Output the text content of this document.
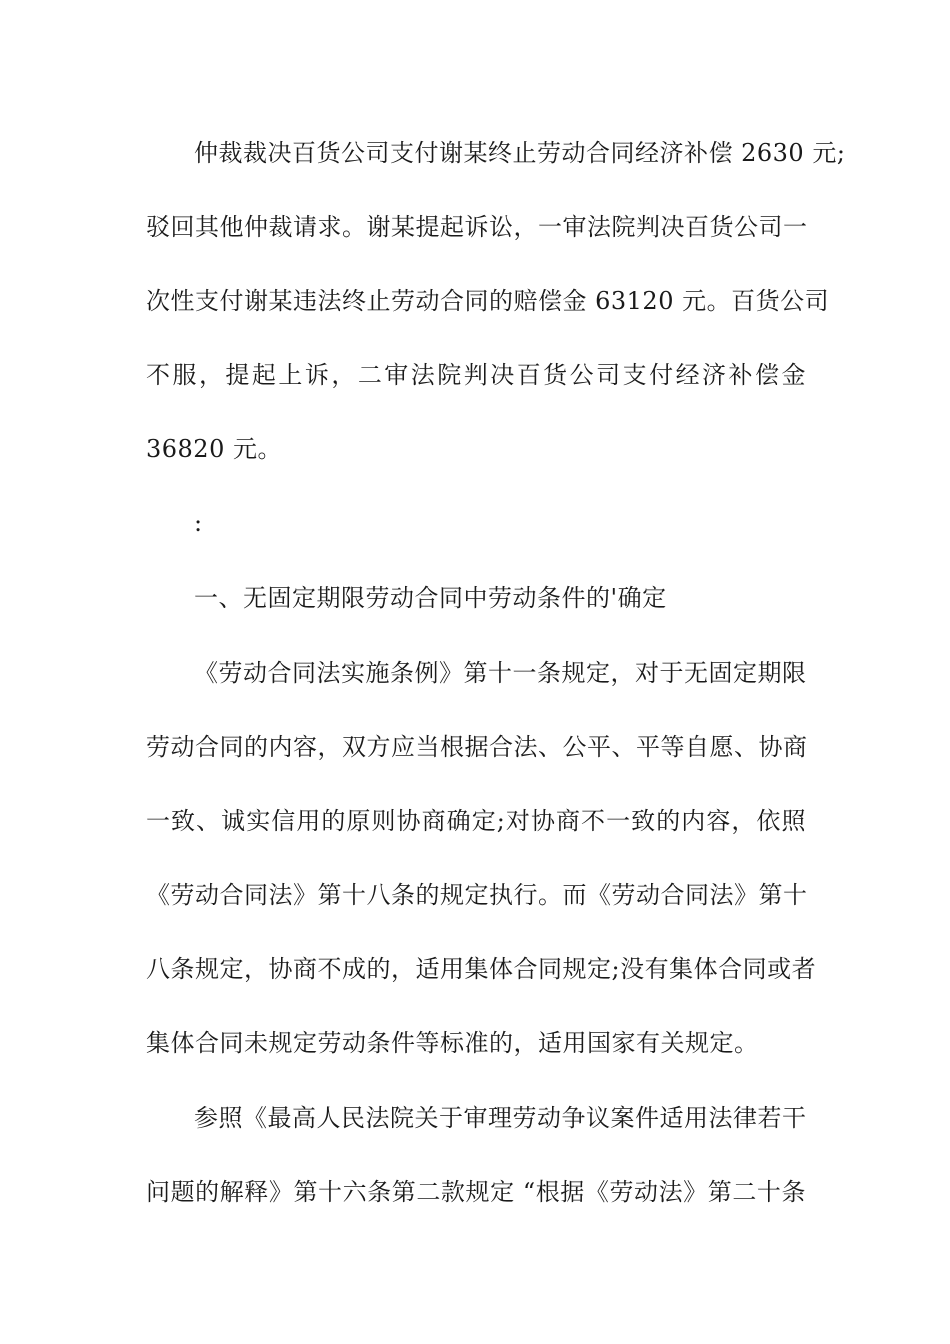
仲裁裁决百货公司支付谢某终止劳动合同经济补偿 2630 元;
驳回其他仲裁请求。谢某提起诉讼，一审法院判决百货公司一
次性支付谢某违法终止劳动合同的赔偿金 63120 元。百货公司
不服，提起上诉，二审法院判决百货公司支付经济补偿金
36820 元。
:
一、无固定期限劳动合同中劳动条件的'确定
《劳动合同法实施条例》第十一条规定，对于无固定期限
劳动合同的内容，双方应当根据合法、公平、平等自愿、协商
一致、诚实信用的原则协商确定;对协商不一致的内容，依照
《劳动合同法》第十八条的规定执行。而《劳动合同法》第十
八条规定，协商不成的，适用集体合同规定;没有集体合同或者
集体合同未规定劳动条件等标准的，适用国家有关规定。
参照《最高人民法院关于审理劳动争议案件适用法律若干
问题的解释》第十六条第二款规定 “根据《劳动法》第二十条
